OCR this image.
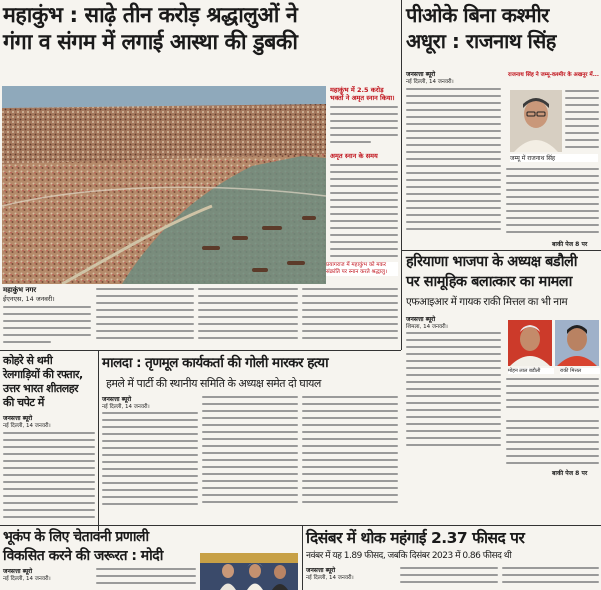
महाकुंभ : साढ़े तीन करोड़ श्रद्धालुओं ने
गंगा व संगम में लगाई आस्था की डुबकी
महाकुंभ में 2.5 करोड़ भक्तों ने अमृत स्नान किया।
अमृत स्नान के समय
प्रयागराज में महाकुंभ को मकर संक्रांति पर स्नान करते श्रद्धालु।
महाकुंभ नगर
ईएनएस, 14 जनवरी।
पीओके बिना कश्मीर
अधूरा : राजनाथ सिंह
जनसत्ता ब्यूरो
नई दिल्ली, 14 जनवरी।
राजनाथ सिंह ने जम्मू-कश्मीर के अखनूर में...
जम्मू में राजनाथ सिंह
बाकी पेज 8 पर
हरियाणा भाजपा के अध्यक्ष बडौली
पर सामूहिक बलात्कार का मामला
एफआइआर में गायक राकी मित्तल का भी नाम
जनसत्ता ब्यूरो
शिमला, 14 जनवरी।
मोहन लाल बडौली	राकी मित्तल
बाकी पेज 8 पर
कोहरे से थमी
रेलगाड़ियों की रफ्तार,
उत्तर भारत शीतलहर
की चपेट में
जनसत्ता ब्यूरो
नई दिल्ली, 14 जनवरी।
मालदा : तृणमूल कार्यकर्ता की गोली मारकर हत्या
हमले में पार्टी की स्थानीय समिति के अध्यक्ष समेत दो घायल
जनसत्ता ब्यूरो
नई दिल्ली, 14 जनवरी।
भूकंप के लिए चेतावनी प्रणाली
विकसित करने की जरूरत : मोदी
जनसत्ता ब्यूरो
नई दिल्ली, 14 जनवरी।
दिसंबर में थोक महंगाई 2.37 फीसद पर
नवंबर में यह 1.89 फीसद, जबकि दिसंबर 2023 में 0.86 फीसद थी
जनसत्ता ब्यूरो
नई दिल्ली, 14 जनवरी।
